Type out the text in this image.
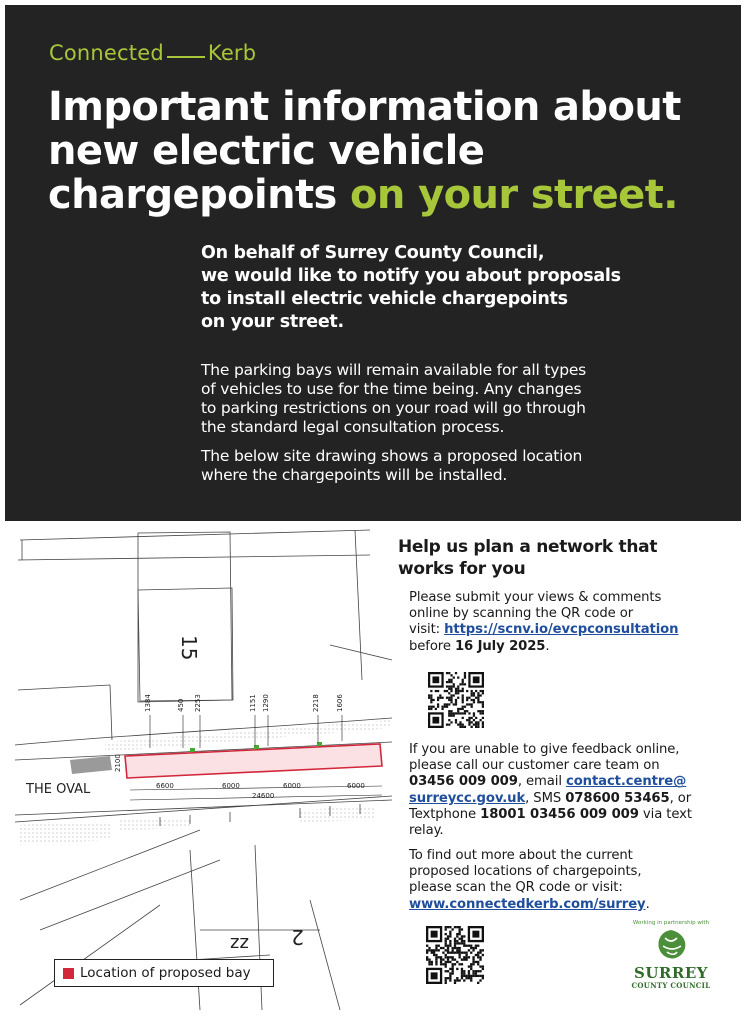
Connected Kerb
Important information about
new electric vehicle
chargepoints on your street.
On behalf of Surrey County Council,
we would like to notify you about proposals
to install electric vehicle chargepoints
on your street.
The parking bays will remain available for all types
of vehicles to use for the time being. Any changes
to parking restrictions on your road will go through
the standard legal consultation process.
The below site drawing shows a proposed location
where the chargepoints will be installed.
1384	450 2253	1151 1290	2218 1606
2100
6600	6000	6000	6000
24600
15
THE OVAL
2
zz
Location of proposed bay
Help us plan a network that
works for you
Please submit your views & comments
online by scanning the QR code or
visit: https://scnv.io/evcpconsultation
before 16 July 2025.
If you are unable to give feedback online,
please call our customer care team on
03456 009 009, email contact.centre@
surreycc.gov.uk, SMS 078600 53465, or
Textphone 18001 03456 009 009 via text
relay.
To find out more about the current
proposed locations of chargepoints,
please scan the QR code or visit:
www.connectedkerb.com/surrey.
Working in partnership with
SURREY
COUNTY COUNCIL
